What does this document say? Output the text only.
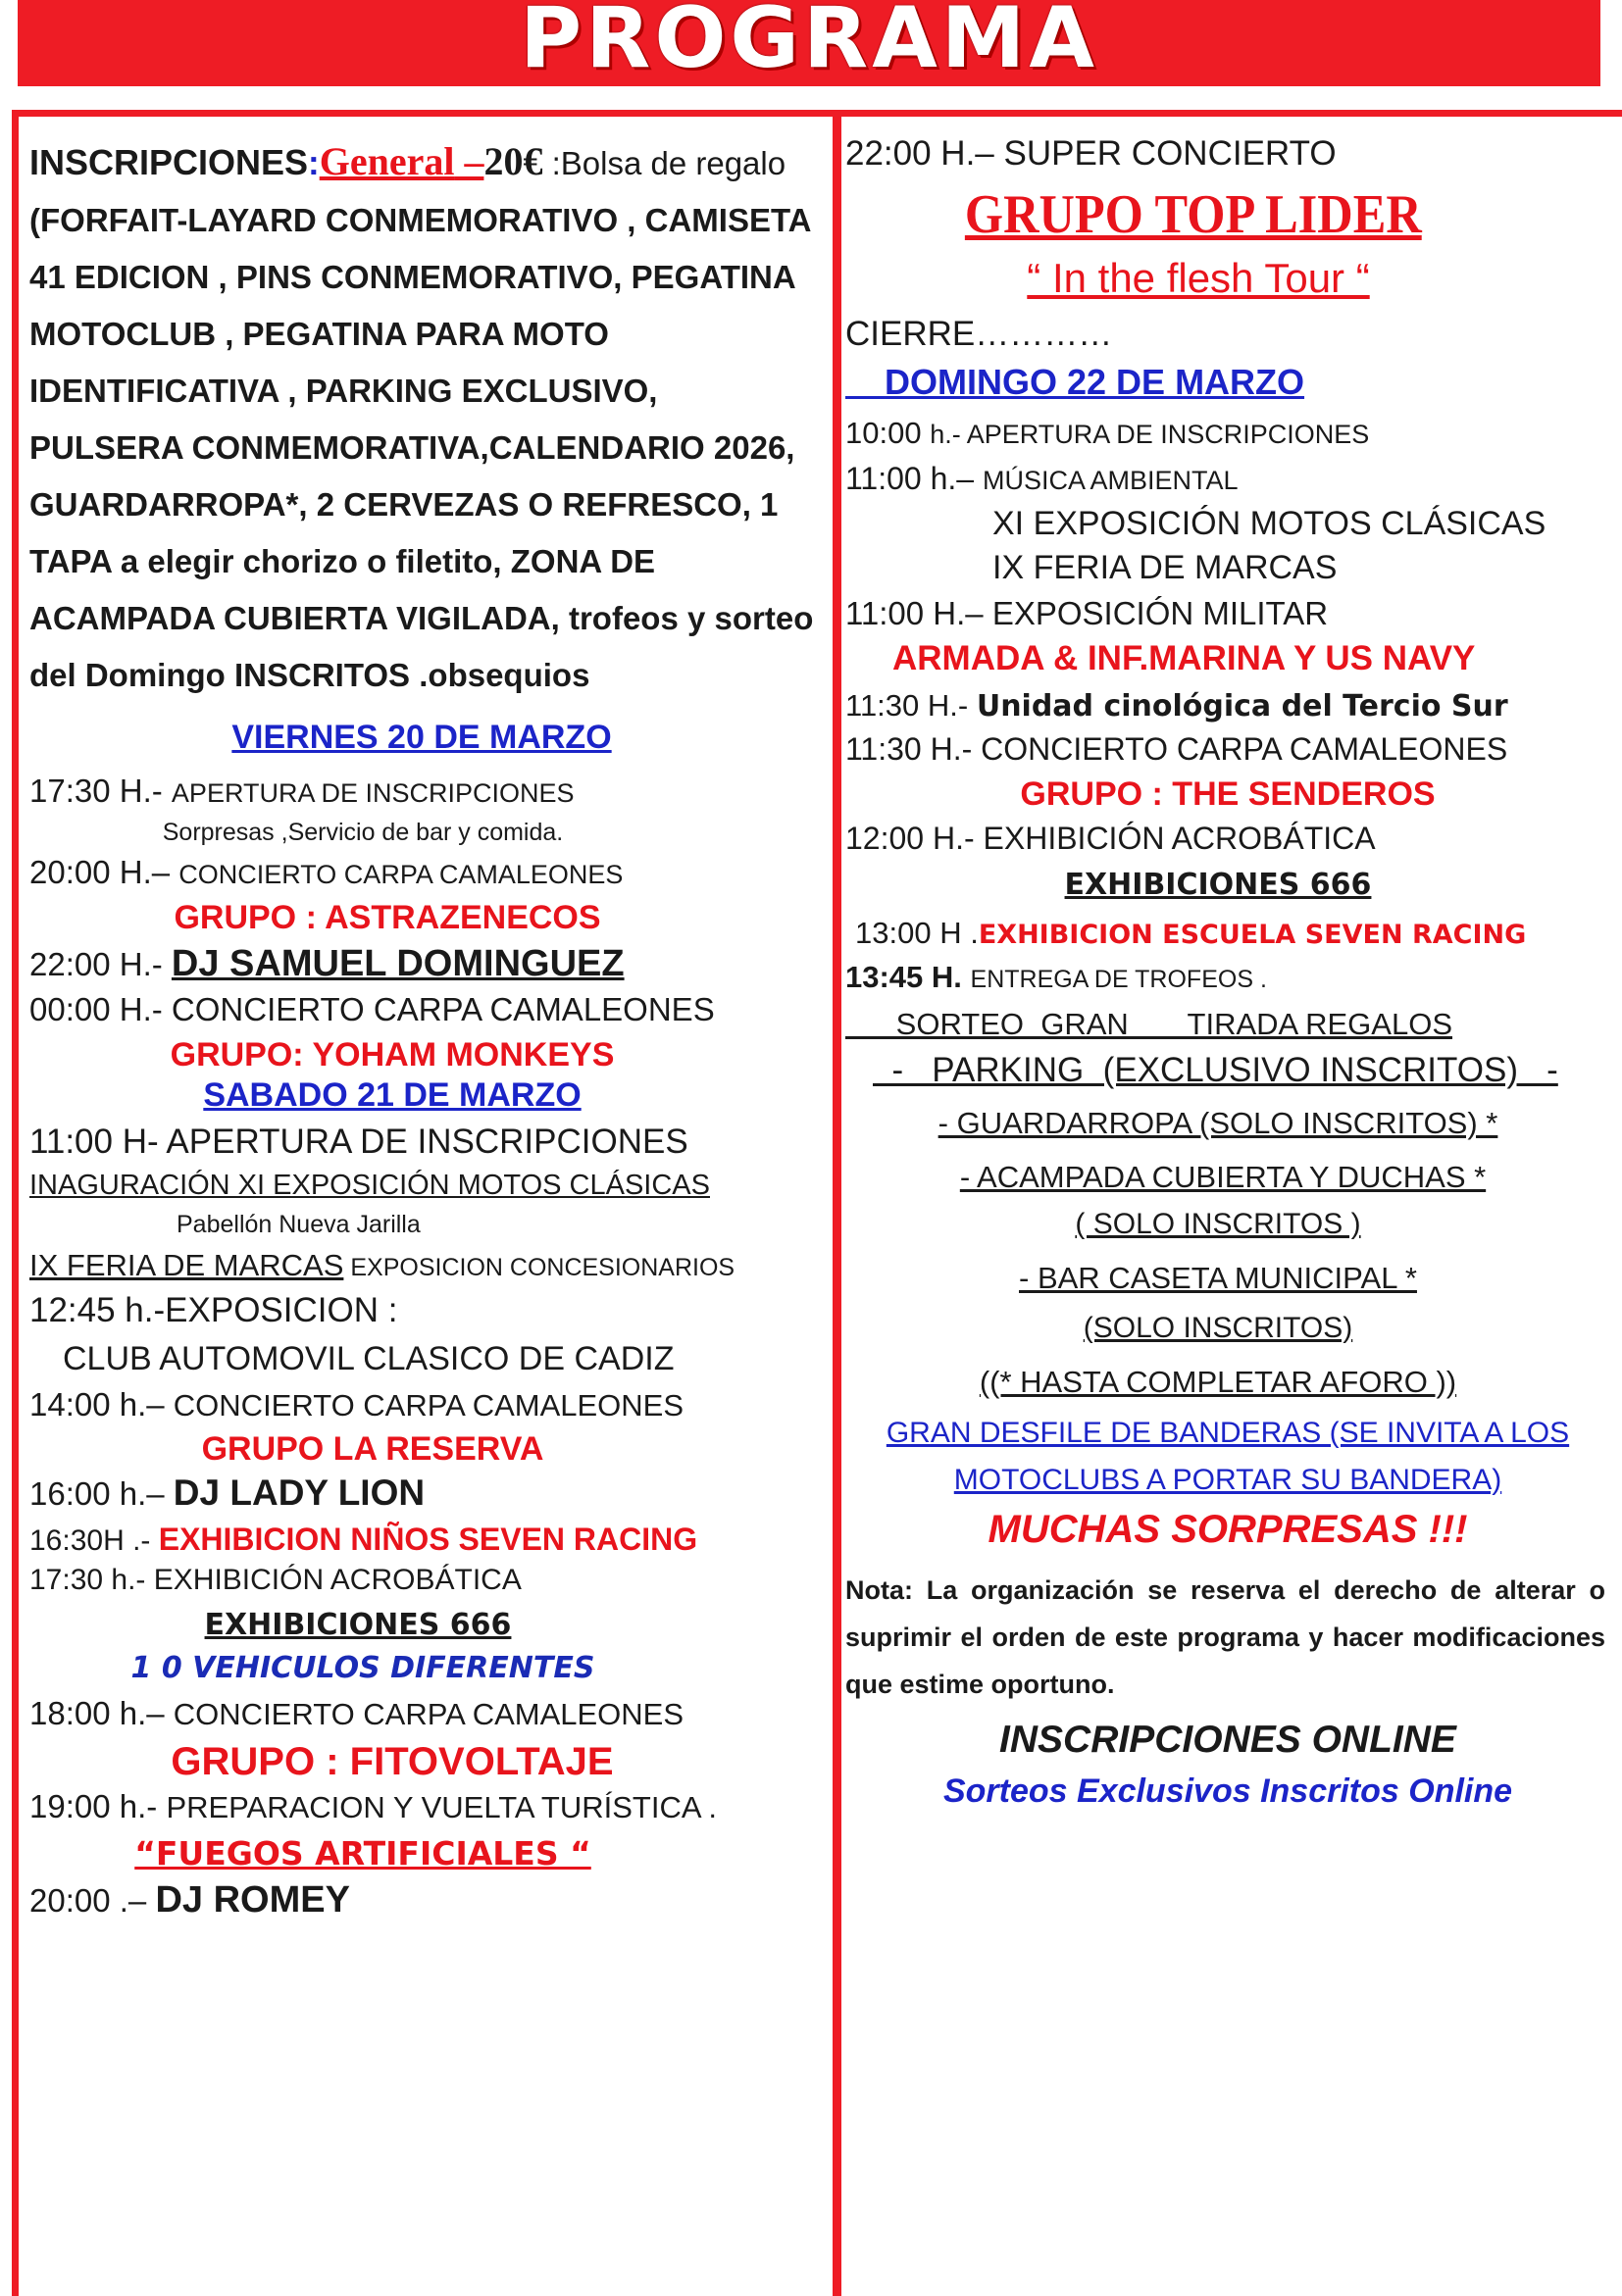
PROGRAMA
INSCRIPCIONES:General –20€ :Bolsa de regalo (FORFAIT-LAYARD CONMEMORATIVO , CAMISETA 41 EDICION , PINS CONMEMORATIVO, PEGATINA MOTOCLUB , PEGATINA PARA MOTO IDENTIFICATIVA , PARKING EXCLUSIVO, PULSERA CONMEMORATIVA,CALENDARIO 2026, GUARDARROPA*, 2 CERVEZAS O REFRESCO, 1 TAPA a elegir chorizo o filetito, ZONA DE ACAMPADA CUBIERTA VIGILADA, trofeos y sorteo del Domingo INSCRITOS .obsequios
VIERNES 20 DE MARZO
17:30 H.- APERTURA DE INSCRIPCIONES
Sorpresas ,Servicio de bar y comida.
20:00 H.– CONCIERTO CARPA CAMALEONES
GRUPO : ASTRAZENECOS
22:00 H.- DJ SAMUEL DOMINGUEZ
00:00 H.- CONCIERTO CARPA CAMALEONES
GRUPO: YOHAM MONKEYS
SABADO 21 DE MARZO
11:00 H- APERTURA DE INSCRIPCIONES
INAGURACIÓN XI EXPOSICIÓN MOTOS CLÁSICAS
Pabellón Nueva Jarilla
IX FERIA DE MARCAS EXPOSICION CONCESIONARIOS
12:45 h.-EXPOSICION :
CLUB AUTOMOVIL CLASICO DE CADIZ
14:00 h.– CONCIERTO CARPA CAMALEONES
GRUPO LA RESERVA
16:00 h.– DJ LADY LION
16:30H .- EXHIBICION NIÑOS SEVEN RACING
17:30 h.- EXHIBICIÓN ACROBÁTICA
EXHIBICIONES 666
1 0 VEHICULOS DIFERENTES
18:00 h.– CONCIERTO CARPA CAMALEONES
GRUPO : FITOVOLTAJE
19:00 h.- PREPARACION Y VUELTA TURÍSTICA .
“FUEGOS ARTIFICIALES “
20:00 .– DJ ROMEY
22:00 H.– SUPER CONCIERTO
GRUPO TOP LIDER
“ In the flesh Tour “
CIERRE…………
DOMINGO 22 DE MARZO
10:00 h.- APERTURA DE INSCRIPCIONES
11:00 h.– MÚSICA AMBIENTAL
XI EXPOSICIÓN MOTOS CLÁSICAS
IX FERIA DE MARCAS
11:00 H.– EXPOSICIÓN MILITAR
ARMADA & INF.MARINA Y US NAVY
11:30 H.- Unidad cinológica del Tercio Sur
11:30 H.- CONCIERTO CARPA CAMALEONES
GRUPO : THE SENDEROS
12:00 H.- EXHIBICIÓN ACROBÁTICA
EXHIBICIONES 666
13:00 H .EXHIBICION ESCUELA SEVEN RACING
13:45 H. ENTREGA DE TROFEOS .
SORTEO  GRAN       TIRADA REGALOS
-   PARKING  (EXCLUSIVO INSCRITOS)   -
- GUARDARROPA (SOLO INSCRITOS) *
- ACAMPADA CUBIERTA Y DUCHAS *
( SOLO INSCRITOS )
- BAR CASETA MUNICIPAL *
(SOLO INSCRITOS)
((* HASTA COMPLETAR AFORO ))
GRAN DESFILE DE BANDERAS (SE INVITA A LOS
MOTOCLUBS A PORTAR SU BANDERA)
MUCHAS SORPRESAS !!!
Nota: La organización se reserva el derecho de alterar o suprimir el orden de este programa y hacer modificaciones que estime oportuno.
INSCRIPCIONES ONLINE
Sorteos Exclusivos Inscritos Online
